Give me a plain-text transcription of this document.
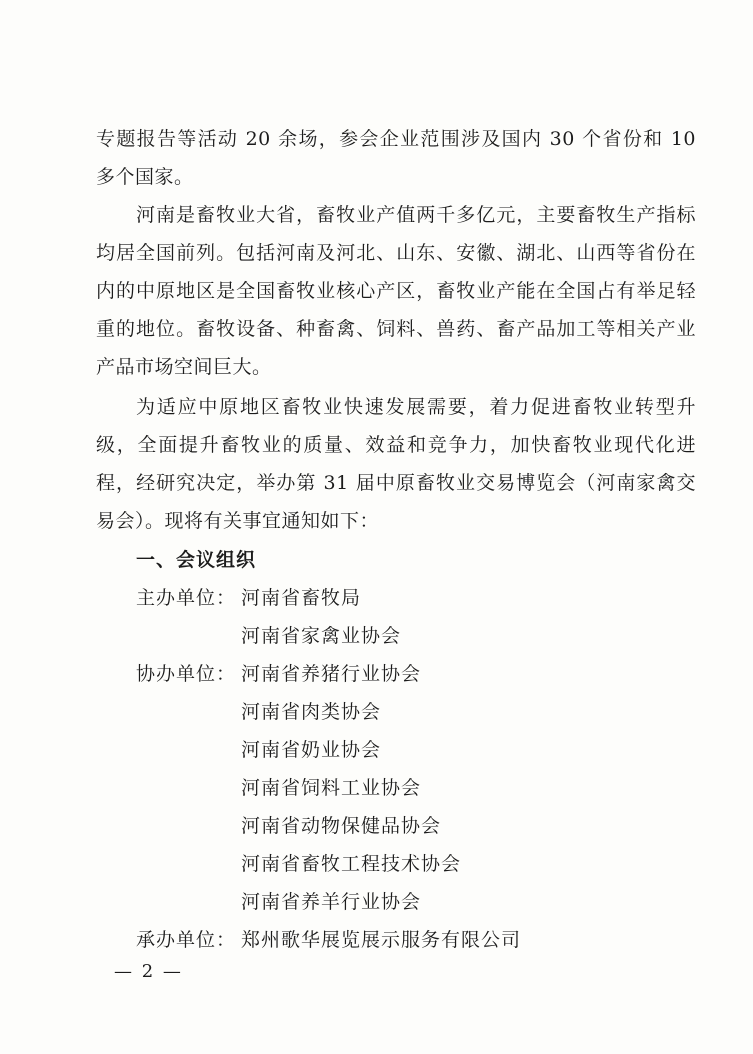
专题报告等活动 20 余场，参会企业范围涉及国内 30 个省份和 10 多个国家。

河南是畜牧业大省，畜牧业产值两千多亿元，主要畜牧生产指标均居全国前列。包括河南及河北、山东、安徽、湖北、山西等省份在内的中原地区是全国畜牧业核心产区，畜牧业产能在全国占有举足轻重的地位。畜牧设备、种畜禽、饲料、兽药、畜产品加工等相关产业产品市场空间巨大。

为适应中原地区畜牧业快速发展需要，着力促进畜牧业转型升级，全面提升畜牧业的质量、效益和竞争力，加快畜牧业现代化进程，经研究决定，举办第 31 届中原畜牧业交易博览会（河南家禽交易会）。现将有关事宜通知如下：

一、会议组织
主办单位： 河南省畜牧局
河南省家禽业协会
协办单位： 河南省养猪行业协会
河南省肉类协会
河南省奶业协会
河南省饲料工业协会
河南省动物保健品协会
河南省畜牧工程技术协会
河南省养羊行业协会
承办单位： 郑州歌华展览展示服务有限公司
— 2 —
